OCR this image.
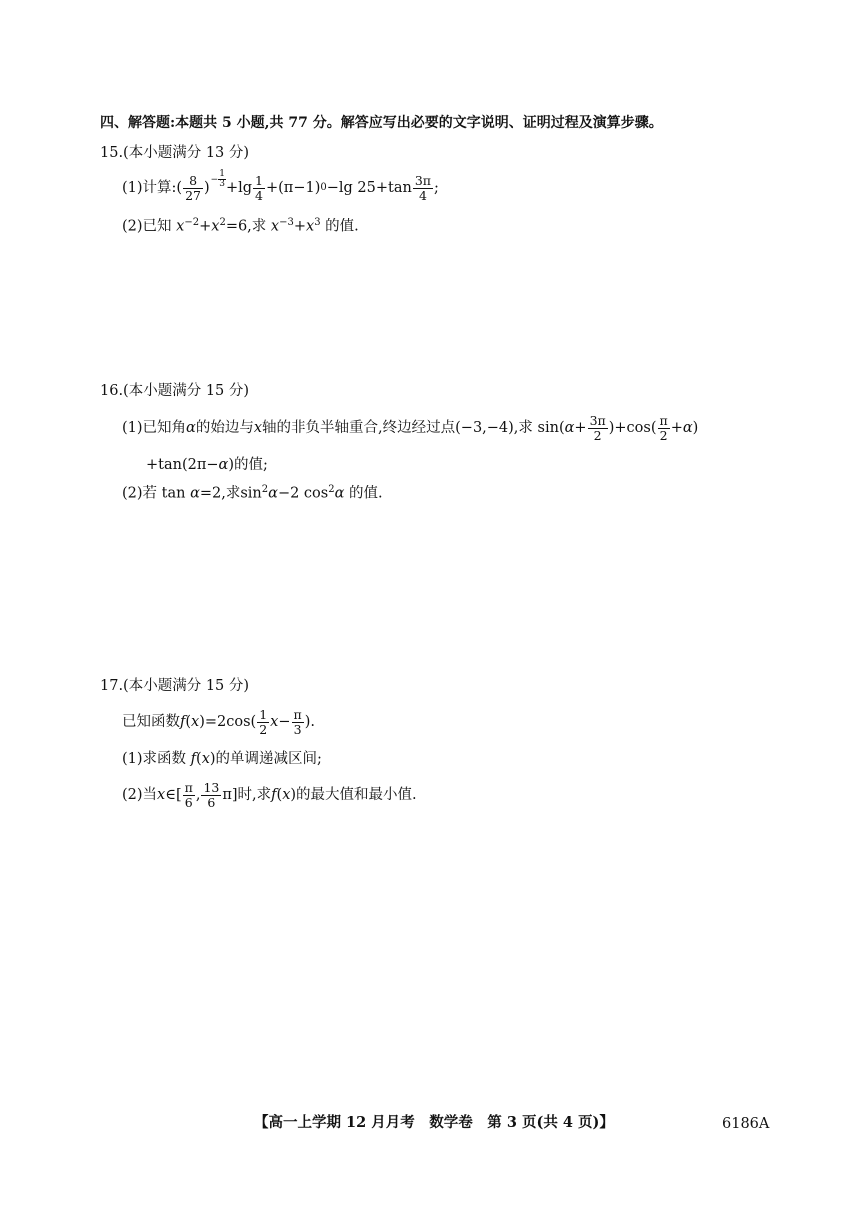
四、解答题:本题共 5 小题,共 77 分。解答应写出必要的文字说明、证明过程及演算步骤。
15.(本小题满分 13 分)
(1)计算:( $\frac{8}{27}$ ) − $\frac{1}{3} +\lg \frac{1}{4} +(\pi-1)$ 0 −lg $25+\tan \frac{3\pi}{4}$ ;
(2)已知 $x^{-2}+x^2=6$,求 $x^{-3}+x^3$ 的值.
16.(本小题满分 15 分)
(1)已知角 α 的始边与 x 轴的非负半轴重合,终边经过点(−3,−4),求 sin( $\alpha + \frac{3\pi}{2} )+\cos( \frac{\pi}{2} + \alpha$ )
+tan(2π−α)的值;
(2)若 tan α=2,求$\sin^2\alpha-2$ $\cos^2\alpha$ 的值.
17.(本小题满分 15 分)
已知函数 f ( x )$=2\cos( \frac{1}{2}$ $x - \frac{\pi}{3}$ ).
(1)求函数 f(x)的单调递减区间;
(2)当 x ∈[ $\frac{\pi}{6}$ , $\frac{13}{6} \pi$]时,求 f ( x )的最大值和最小值.
【高一上学期 12 月月考　数学卷　第 3 页(共 4 页)】	6186A
